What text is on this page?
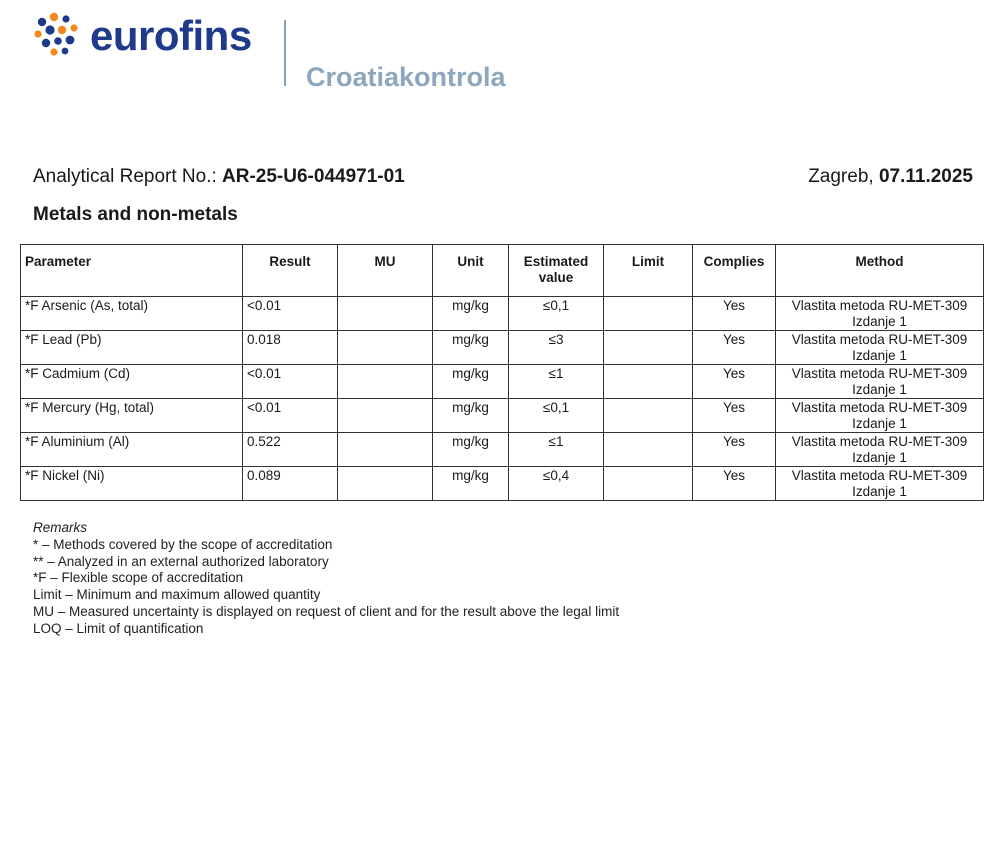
eurofins
Croatiakontrola
Analytical Report No.: AR-25-U6-044971-01	Zagreb, 07.11.2025
Metals and non-metals
Parameter	Result	MU	Unit	Estimated value	Limit	Complies	Method
*F Arsenic (As, total)	<0.01		mg/kg	≤0,1		Yes	Vlastita metoda RU-MET-309
Izdanje 1

*F Lead (Pb)	0.018		mg/kg	≤3		Yes	Vlastita metoda RU-MET-309
Izdanje 1

*F Cadmium (Cd)	<0.01		mg/kg	≤1		Yes	Vlastita metoda RU-MET-309
Izdanje 1

*F Mercury (Hg, total)	<0.01		mg/kg	≤0,1		Yes	Vlastita metoda RU-MET-309
Izdanje 1

*F Aluminium (Al)	0.522		mg/kg	≤1		Yes	Vlastita metoda RU-MET-309
Izdanje 1

*F Nickel (Ni)	0.089		mg/kg	≤0,4		Yes	Vlastita metoda RU-MET-309
Izdanje 1
Remarks
* – Methods covered by the scope of accreditation
** – Analyzed in an external authorized laboratory
*F – Flexible scope of accreditation
Limit – Minimum and maximum allowed quantity
MU – Measured uncertainty is displayed on request of client and for the result above the legal limit
LOQ – Limit of quantification
